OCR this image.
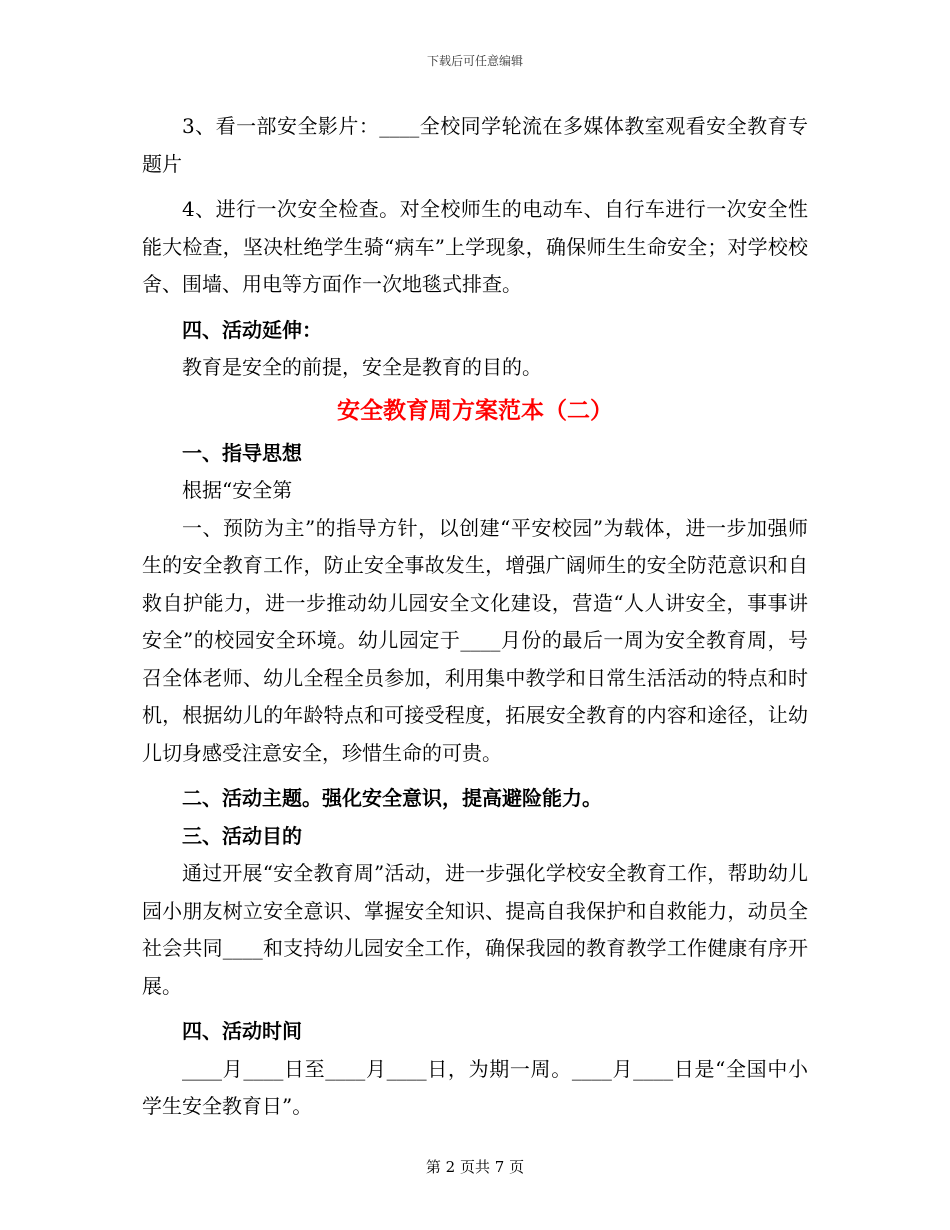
下载后可任意编辑

3、看一部安全影片：____全校同学轮流在多媒体教室观看安全教育专题片

4、进行一次安全检查。对全校师生的电动车、自行车进行一次安全性能大检查，坚决杜绝学生骑“病车”上学现象，确保师生生命安全；对学校校舍、围墙、用电等方面作一次地毯式排查。

四、活动延伸：

教育是安全的前提，安全是教育的目的。

安全教育周方案范本（二）

一、指导思想

根据“安全第

一、预防为主”的指导方针，以创建“平安校园”为载体，进一步加强师生的安全教育工作，防止安全事故发生，增强广阔师生的安全防范意识和自救自护能力，进一步推动幼儿园安全文化建设，营造“人人讲安全，事事讲安全”的校园安全环境。幼儿园定于____月份的最后一周为安全教育周，号召全体老师、幼儿全程全员参加，利用集中教学和日常生活活动的特点和时机，根据幼儿的年龄特点和可接受程度，拓展安全教育的内容和途径，让幼儿切身感受注意安全，珍惜生命的可贵。

二、活动主题。强化安全意识，提高避险能力。

三、活动目的

通过开展“安全教育周”活动，进一步强化学校安全教育工作，帮助幼儿园小朋友树立安全意识、掌握安全知识、提高自我保护和自救能力，动员全社会共同____和支持幼儿园安全工作，确保我园的教育教学工作健康有序开展。

四、活动时间

____月____日至____月____日，为期一周。____月____日是“全国中小学生安全教育日”。

第 2 页共 7 页
